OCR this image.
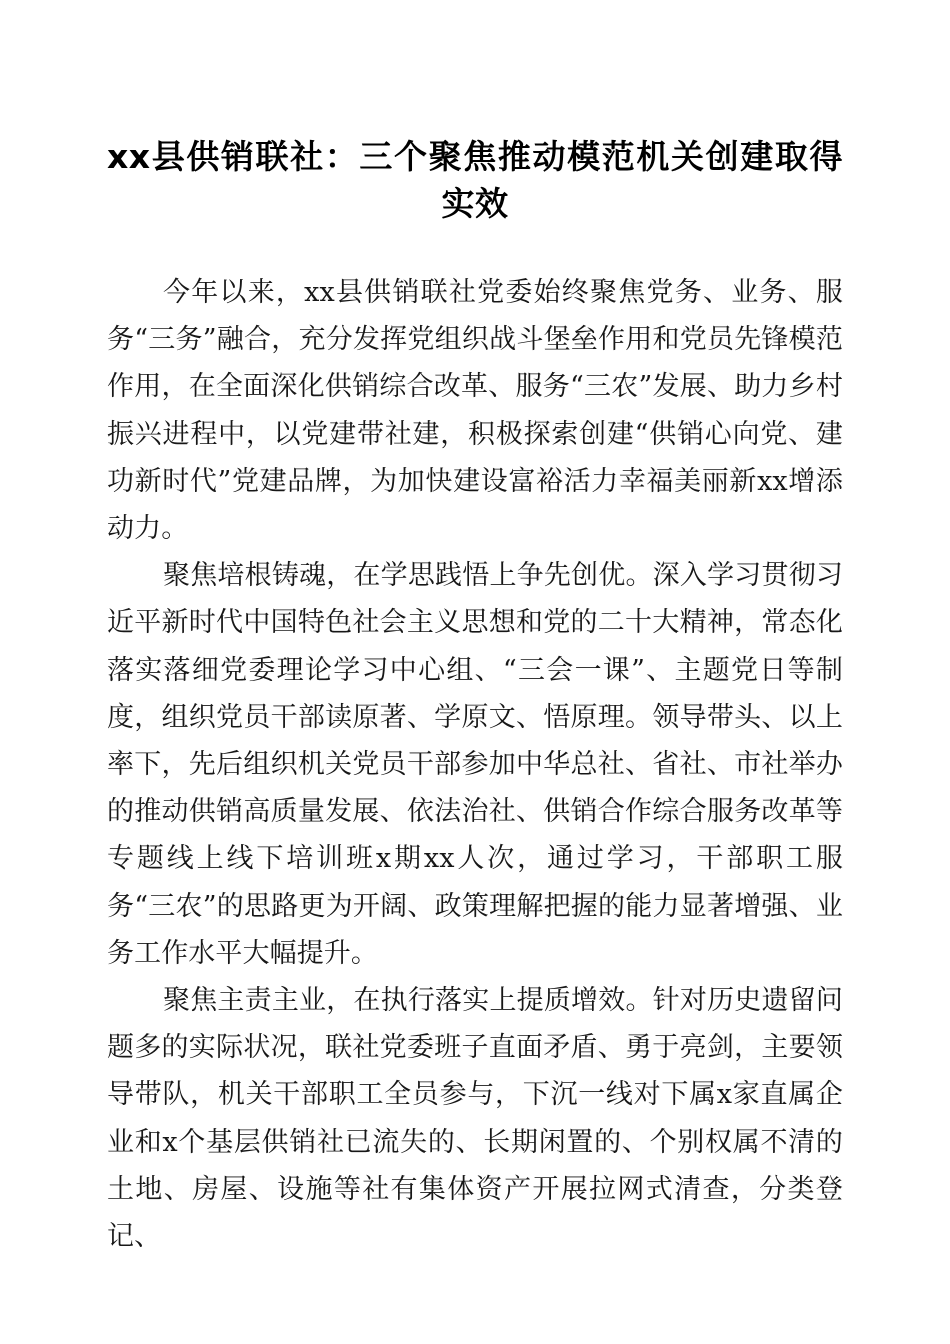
xx县供销联社：三个聚焦推动模范机关创建取得实效

今年以来，xx县供销联社党委始终聚焦党务、业务、服务“三务”融合，充分发挥党组织战斗堡垒作用和党员先锋模范作用，在全面深化供销综合改革、服务“三农”发展、助力乡村振兴进程中，以党建带社建，积极探索创建“供销心向党、建功新时代”党建品牌，为加快建设富裕活力幸福美丽新xx增添动力。

聚焦培根铸魂，在学思践悟上争先创优。深入学习贯彻习近平新时代中国特色社会主义思想和党的二十大精神，常态化落实落细党委理论学习中心组、“三会一课”、主题党日等制度，组织党员干部读原著、学原文、悟原理。领导带头、以上率下，先后组织机关党员干部参加中华总社、省社、市社举办的推动供销高质量发展、依法治社、供销合作综合服务改革等专题线上线下培训班x期xx人次，通过学习，干部职工服务“三农”的思路更为开阔、政策理解把握的能力显著增强、业务工作水平大幅提升。

聚焦主责主业，在执行落实上提质增效。针对历史遗留问题多的实际状况，联社党委班子直面矛盾、勇于亮剑，主要领导带队，机关干部职工全员参与，下沉一线对下属x家直属企业和x个基层供销社已流失的、长期闲置的、个别权属不清的土地、房屋、设施等社有集体资产开展拉网式清查，分类登记、
